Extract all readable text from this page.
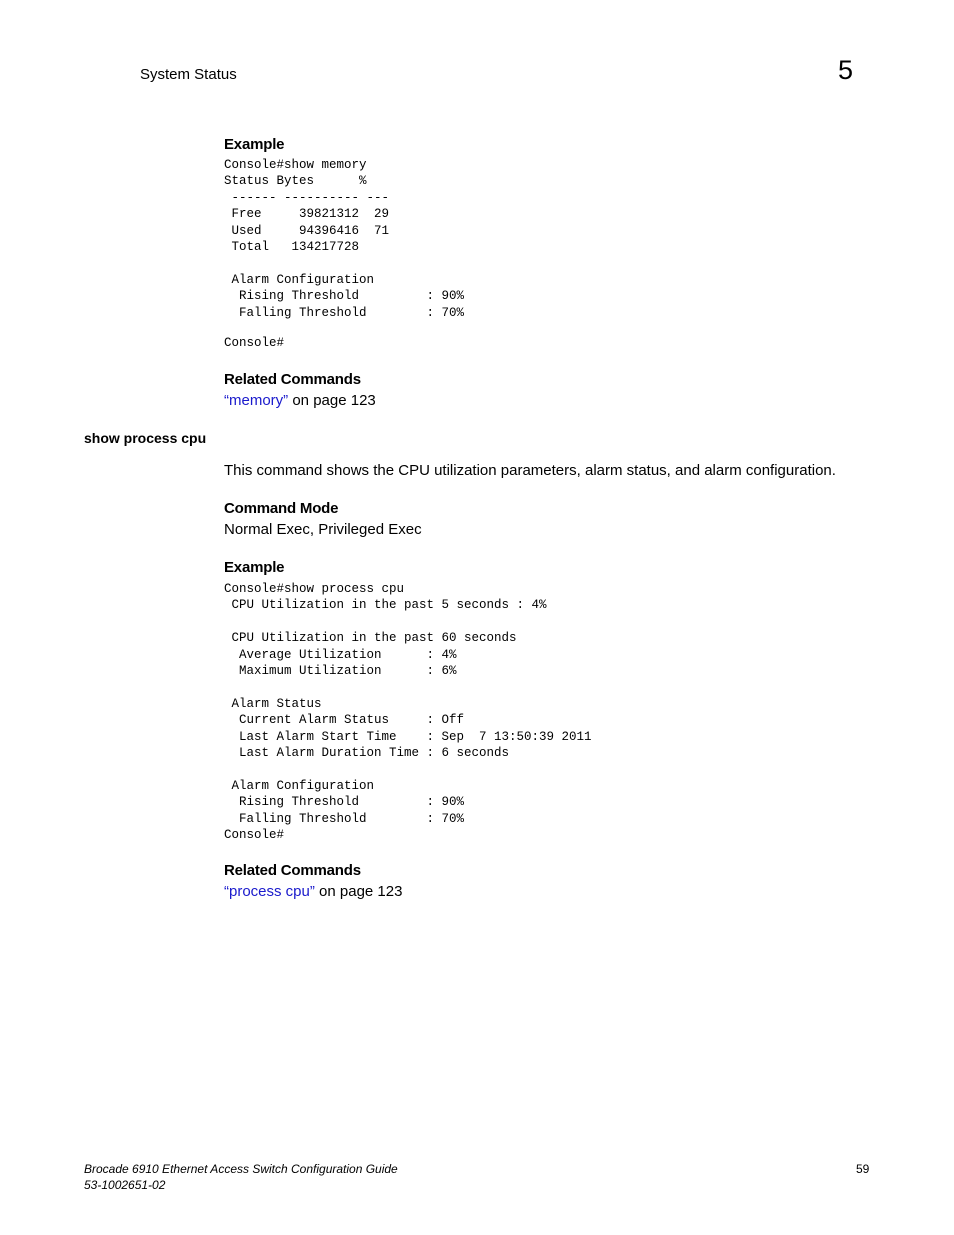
System Status	5
Example
Console#show memory
Status Bytes      %
------ ---------- ---
Free     39821312  29
Used     94396416  71
Total   134217728

Alarm Configuration
Rising Threshold         : 90%
Falling Threshold        : 70%

Console#
Related Commands
“memory” on page 123
show process cpu
This command shows the CPU utilization parameters, alarm status, and alarm configuration.
Command Mode
Normal Exec, Privileged Exec
Example
Console#show process cpu
CPU Utilization in the past 5 seconds : 4%

CPU Utilization in the past 60 seconds
Average Utilization      : 4%
Maximum Utilization      : 6%

Alarm Status
Current Alarm Status     : Off
Last Alarm Start Time    : Sep  7 13:50:39 2011
Last Alarm Duration Time : 6 seconds

Alarm Configuration
Rising Threshold         : 90%
Falling Threshold        : 70%
Console#
Related Commands
“process cpu” on page 123
Brocade 6910 Ethernet Access Switch Configuration Guide
53-1002651-02
59
